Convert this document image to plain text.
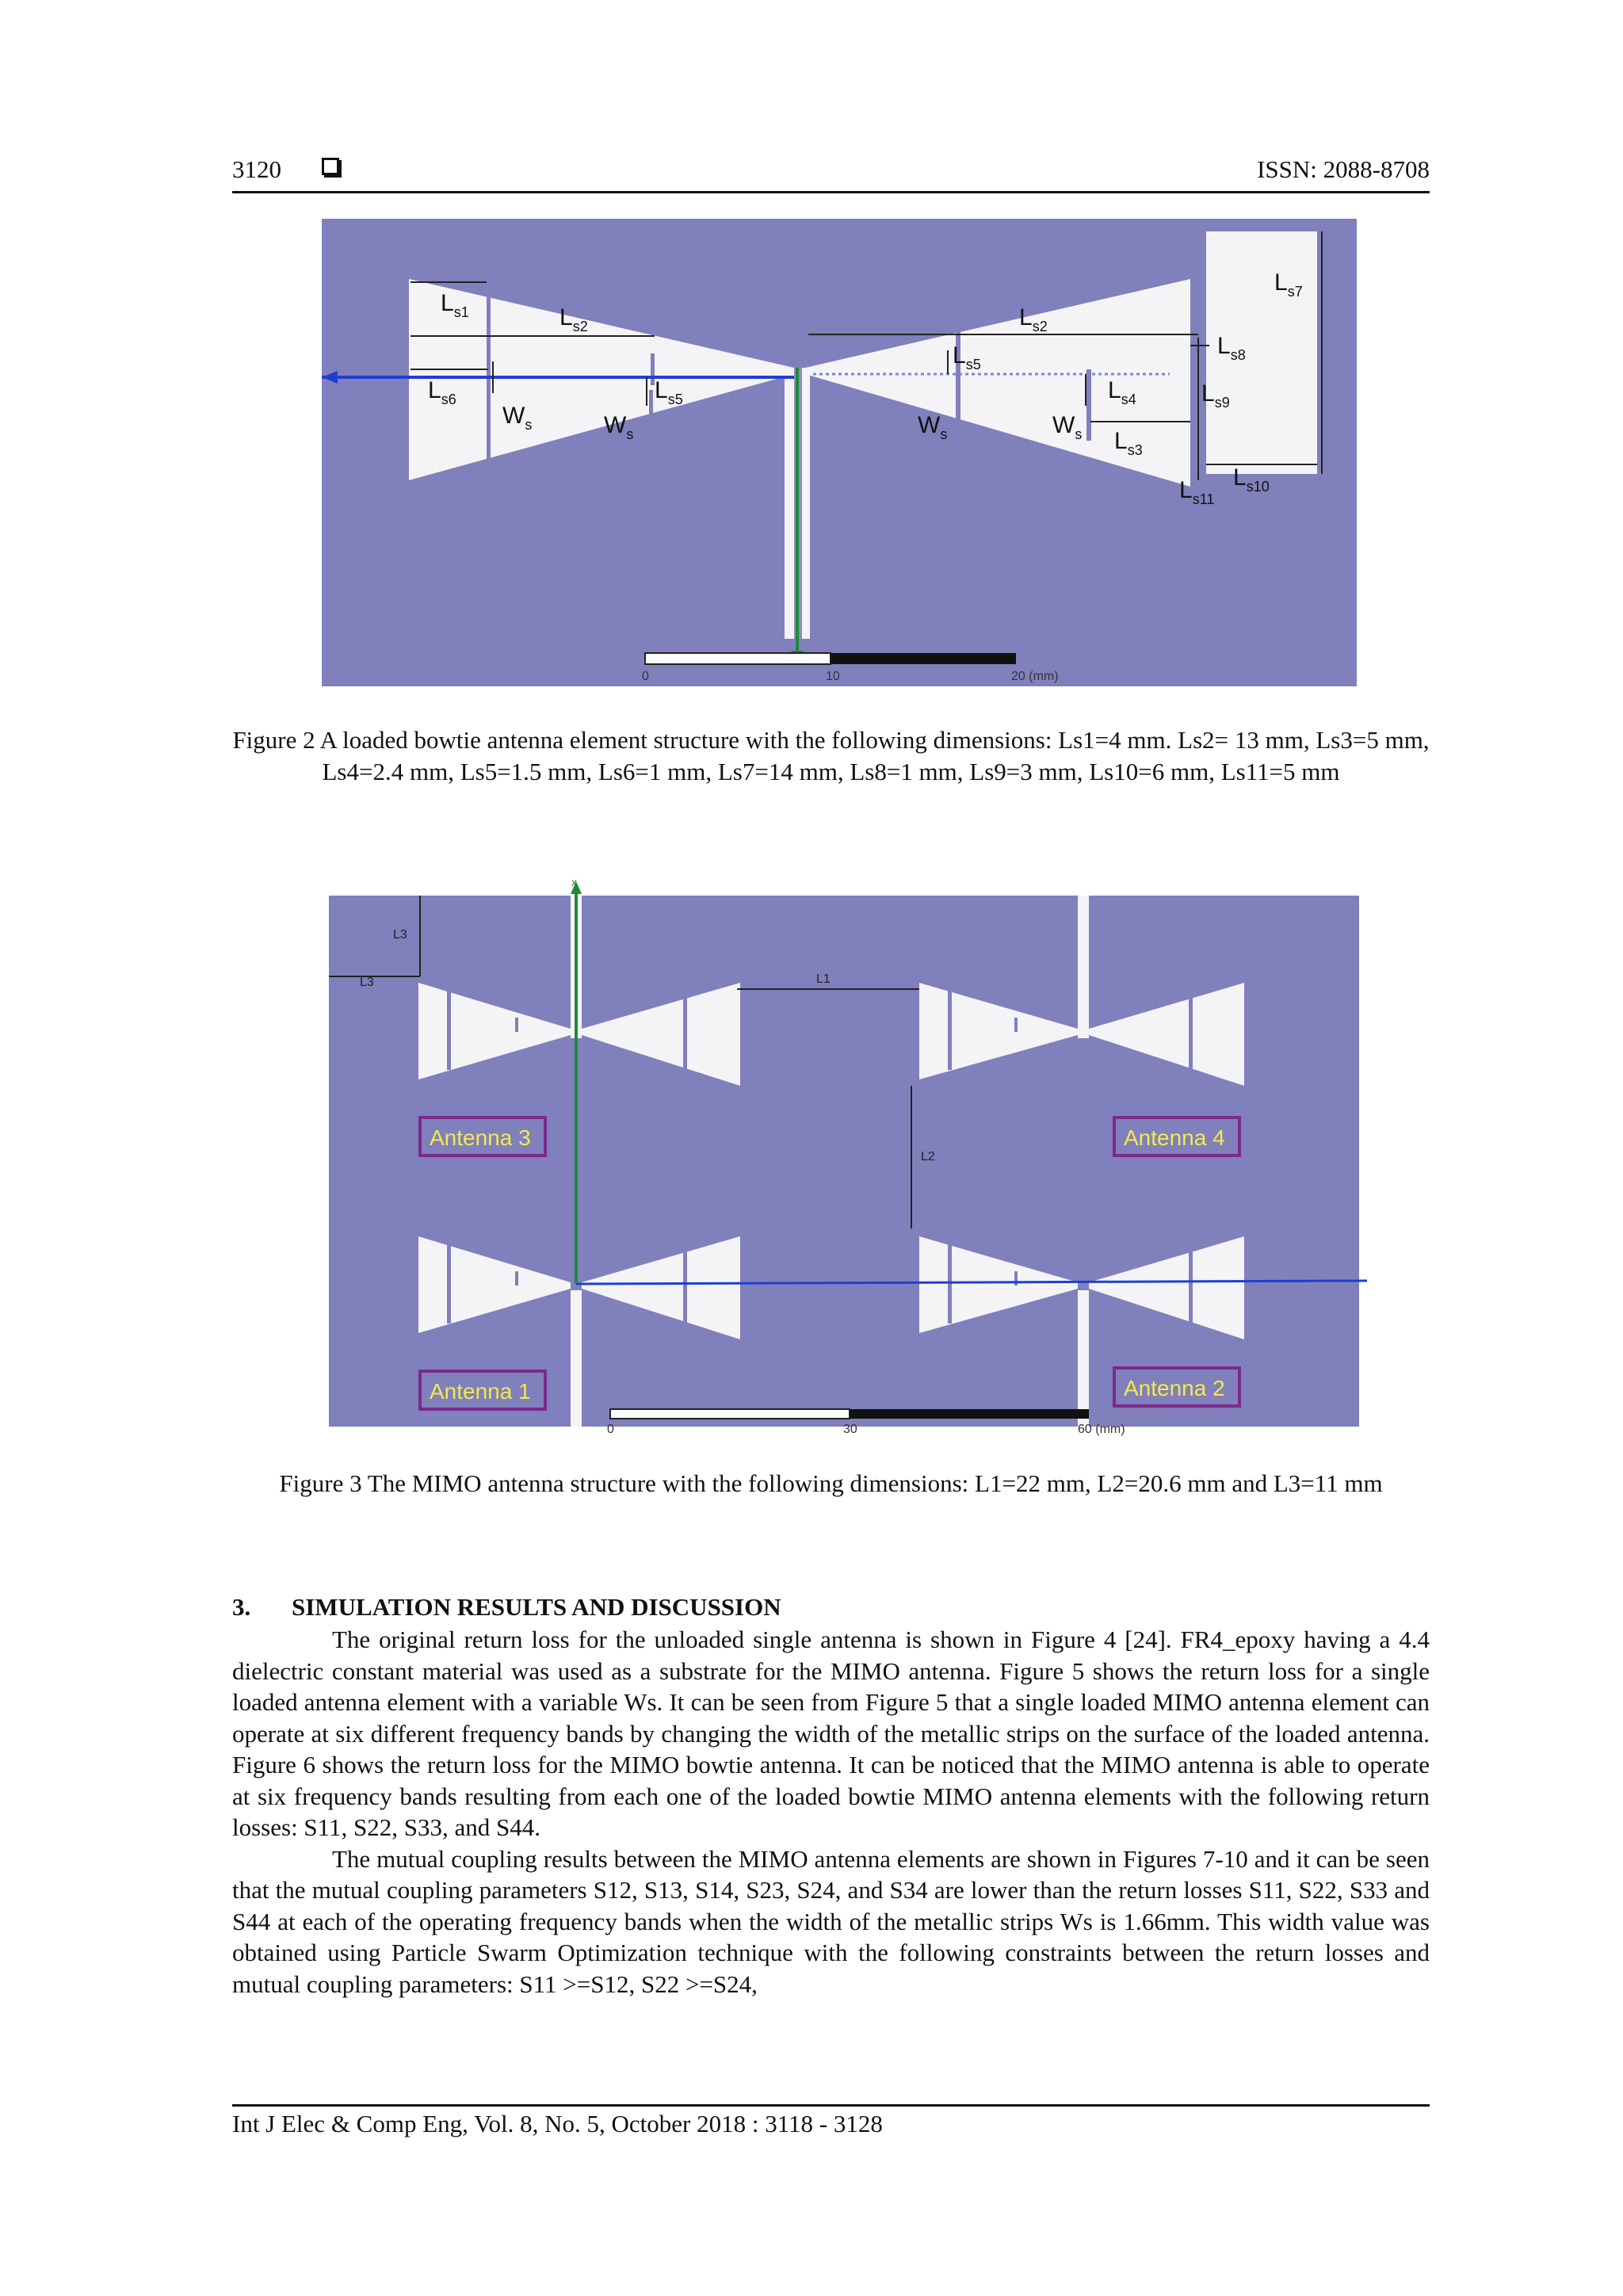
3120	ISSN: 2088-8708
$L_{s1}$	$L_{s2}$
$L_{s6}$
$W_s$
$L_{s5}$
$W_s$
$L_{s2}$
$L_{s5}$
$W_s$	$W_s$
$L_{s4}$
$L_{s3}$
$L_{s7}$
$L_{s8}$
$L_{s9}$
$L_{s10}$
$L_{s11}$
0	10	20 (mm)
Figure 2 A loaded bowtie antenna element structure with the following dimensions: Ls1=4 mm. Ls2= 13 mm, Ls3=5 mm, Ls4=2.4 mm, Ls5=1.5 mm, Ls6=1 mm, Ls7=14 mm, Ls8=1 mm, Ls9=3 mm, Ls10=6 mm, Ls11=5 mm
x
L3
L3	L1
L2
Antenna 3	Antenna 4
Antenna 1	Antenna 2
0	30	60 (mm)
Figure 3 The MIMO antenna structure with the following dimensions: L1=22 mm, L2=20.6 mm and L3=11 mm
3. SIMULATION RESULTS AND DISCUSSION

The original return loss for the unloaded single antenna is shown in Figure 4 [24]. FR4_epoxy having a 4.4 dielectric constant material was used as a substrate for the MIMO antenna. Figure 5 shows the return loss for a single loaded antenna element with a variable Ws. It can be seen from Figure 5 that a single loaded MIMO antenna element can operate at six different frequency bands by changing the width of the metallic strips on the surface of the loaded antenna. Figure 6 shows the return loss for the MIMO bowtie antenna. It can be noticed that the MIMO antenna is able to operate at six frequency bands resulting from each one of the loaded bowtie MIMO antenna elements with the following return losses: S11, S22, S33, and S44.

The mutual coupling results between the MIMO antenna elements are shown in Figures 7-10 and it can be seen that the mutual coupling parameters S12, S13, S14, S23, S24, and S34 are lower than the return losses S11, S22, S33 and S44 at each of the operating frequency bands when the width of the metallic strips Ws is 1.66mm. This width value was obtained using Particle Swarm Optimization technique with the following constraints between the return losses and mutual coupling parameters: S11 >=S12, S22 >=S24,

Int J Elec & Comp Eng, Vol. 8, No. 5, October 2018 : 3118 - 3128
